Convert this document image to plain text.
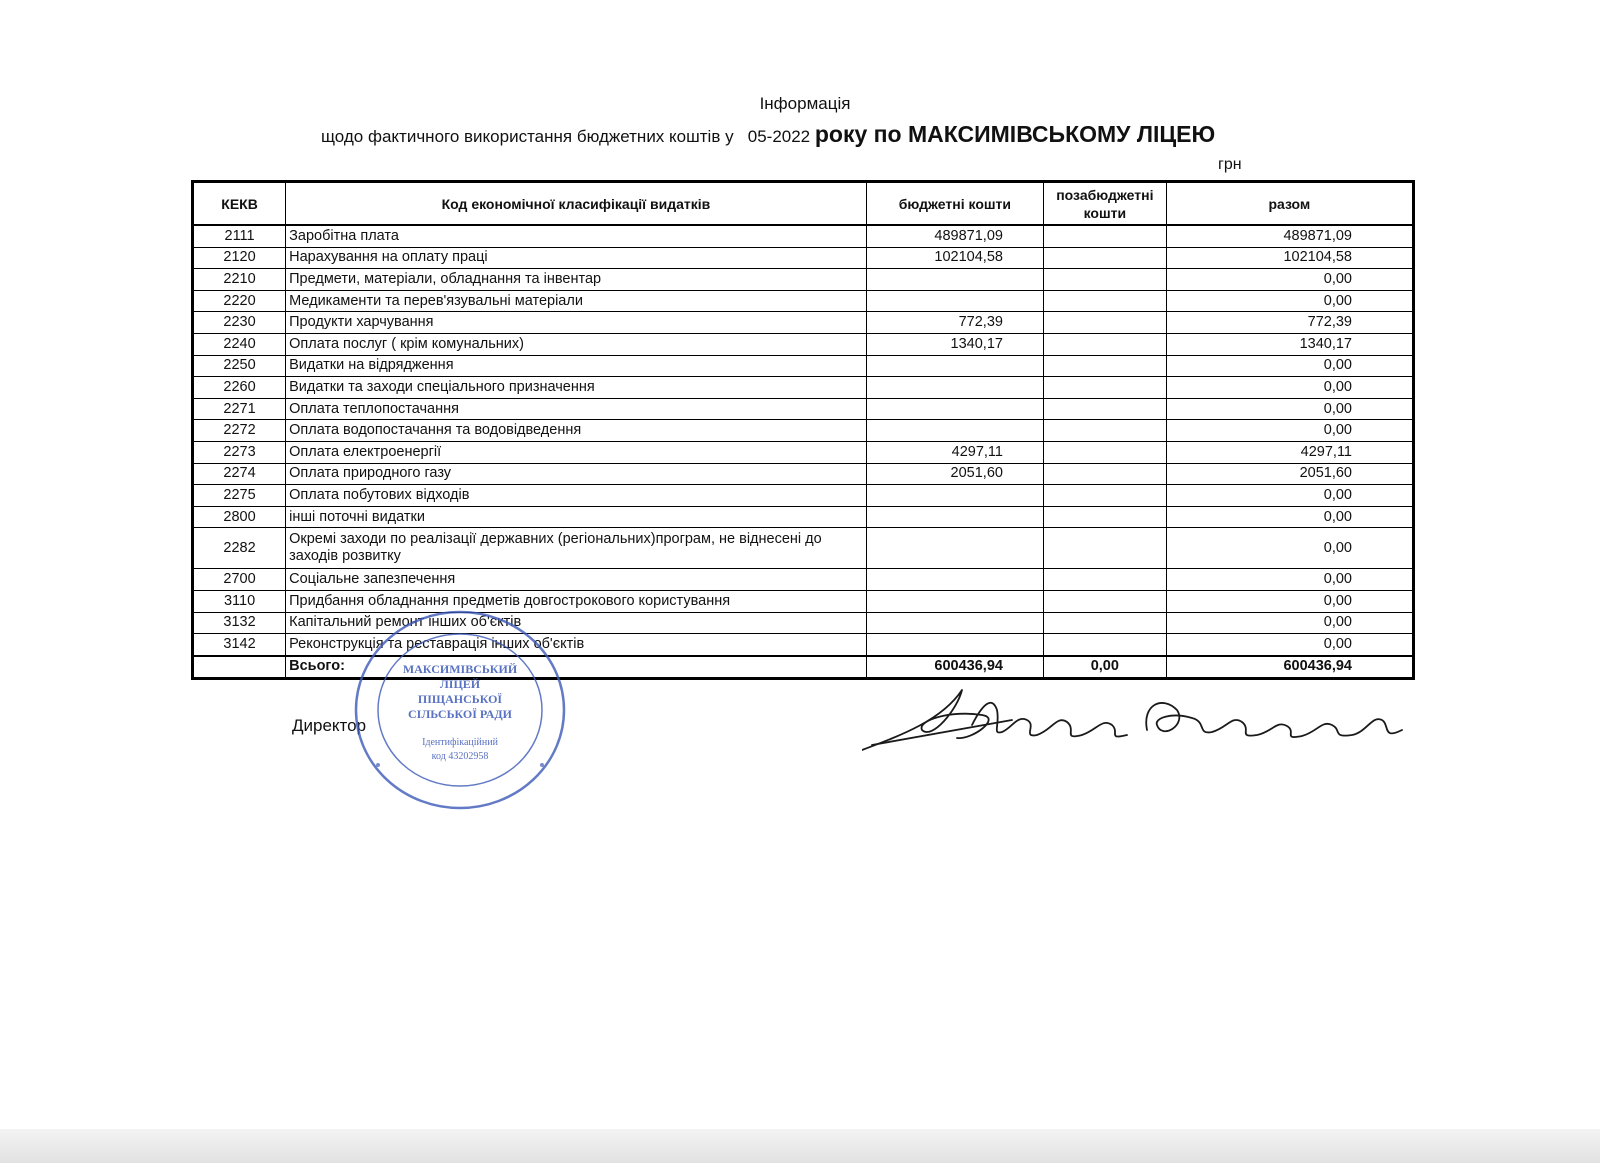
Інформація
щодо фактичного використання бюджетних коштів у 05-2022 року по МАКСИМІВСЬКОМУ ЛІЦЕЮ
грн
КЕКВ	Код економічної класифікації видатків	бюджетні кошти	позабюджетні кошти	разом
2111	Заробітна плата	489871,09		489871,09
2120	Нарахування на оплату праці	102104,58		102104,58
2210	Предмети, матеріали, обладнання та інвентар			0,00
2220	Медикаменти та перев'язувальні матеріали			0,00
2230	Продукти харчування	772,39		772,39
2240	Оплата послуг ( крім комунальних)	1340,17		1340,17
2250	Видатки на відрядження			0,00
2260	Видатки та заходи спеціального призначення			0,00
2271	Оплата теплопостачання			0,00
2272	Оплата водопостачання та водовідведення			0,00
2273	Оплата електроенергії	4297,11		4297,11
2274	Оплата природного газу	2051,60		2051,60
2275	Оплата побутових відходів			0,00
2800	інші поточні видатки			0,00
2282	Окремі заходи по реалізації державних (регіональних)програм, не віднесені до заходів розвитку			0,00
2700	Соціальне запезпечення			0,00
3110	Придбання обладнання предметів довгострокового користування			0,00
3132	Капітальний ремонт інших об'єктів			0,00
3142	Реконструкція та реставрація інших об'єктів			0,00
	Всього:	600436,94	0,00	600436,94
Директор
МАКСИМІВСЬКИЙ
ЛІЦЕЙ
ПІЩАНСЬКОЇ
СІЛЬСЬКОЇ РАДИ
Ідентифікаційний
код 43202958
